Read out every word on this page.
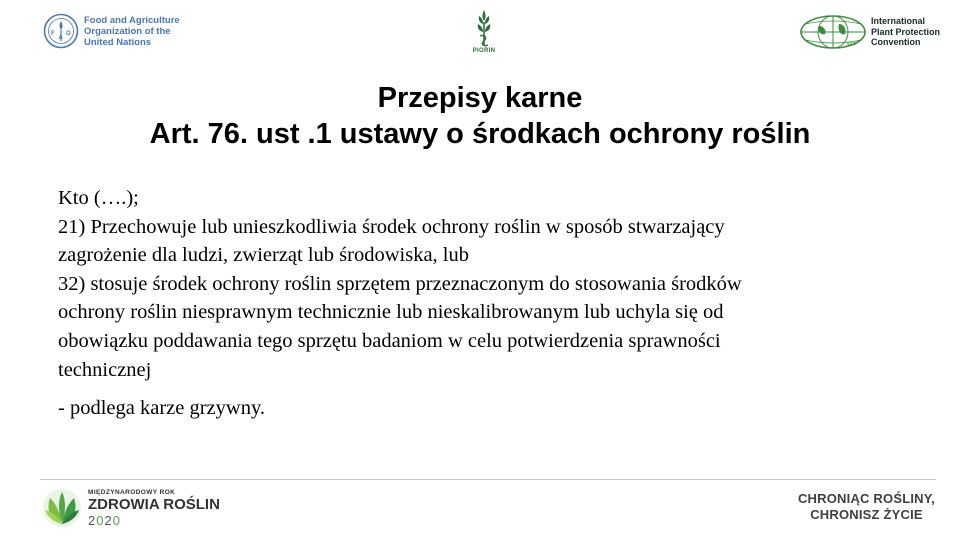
F
A
O
Food and Agriculture
Organization of the
United Nations
PIORIN
ippc
International
Plant Protection
Convention
Przepisy karne
Art. 76. ust .1 ustawy o środkach ochrony roślin

Kto (….);

21) Przechowuje lub unieszkodliwia środek ochrony roślin w sposób stwarzający

zagrożenie dla ludzi, zwierząt lub środowiska, lub

32) stosuje środek ochrony roślin sprzętem przeznaczonym do stosowania środków

ochrony roślin niesprawnym technicznie lub nieskalibrowanym lub uchyla się od

obowiązku poddawania tego sprzętu badaniom w celu potwierdzenia sprawności

technicznej

- podlega karze grzywny.

MIĘDZYNARODOWY ROK
ZDROWIA ROŚLIN
2020
CHRONIĄC ROŚLINY,
CHRONISZ ŻYCIE
